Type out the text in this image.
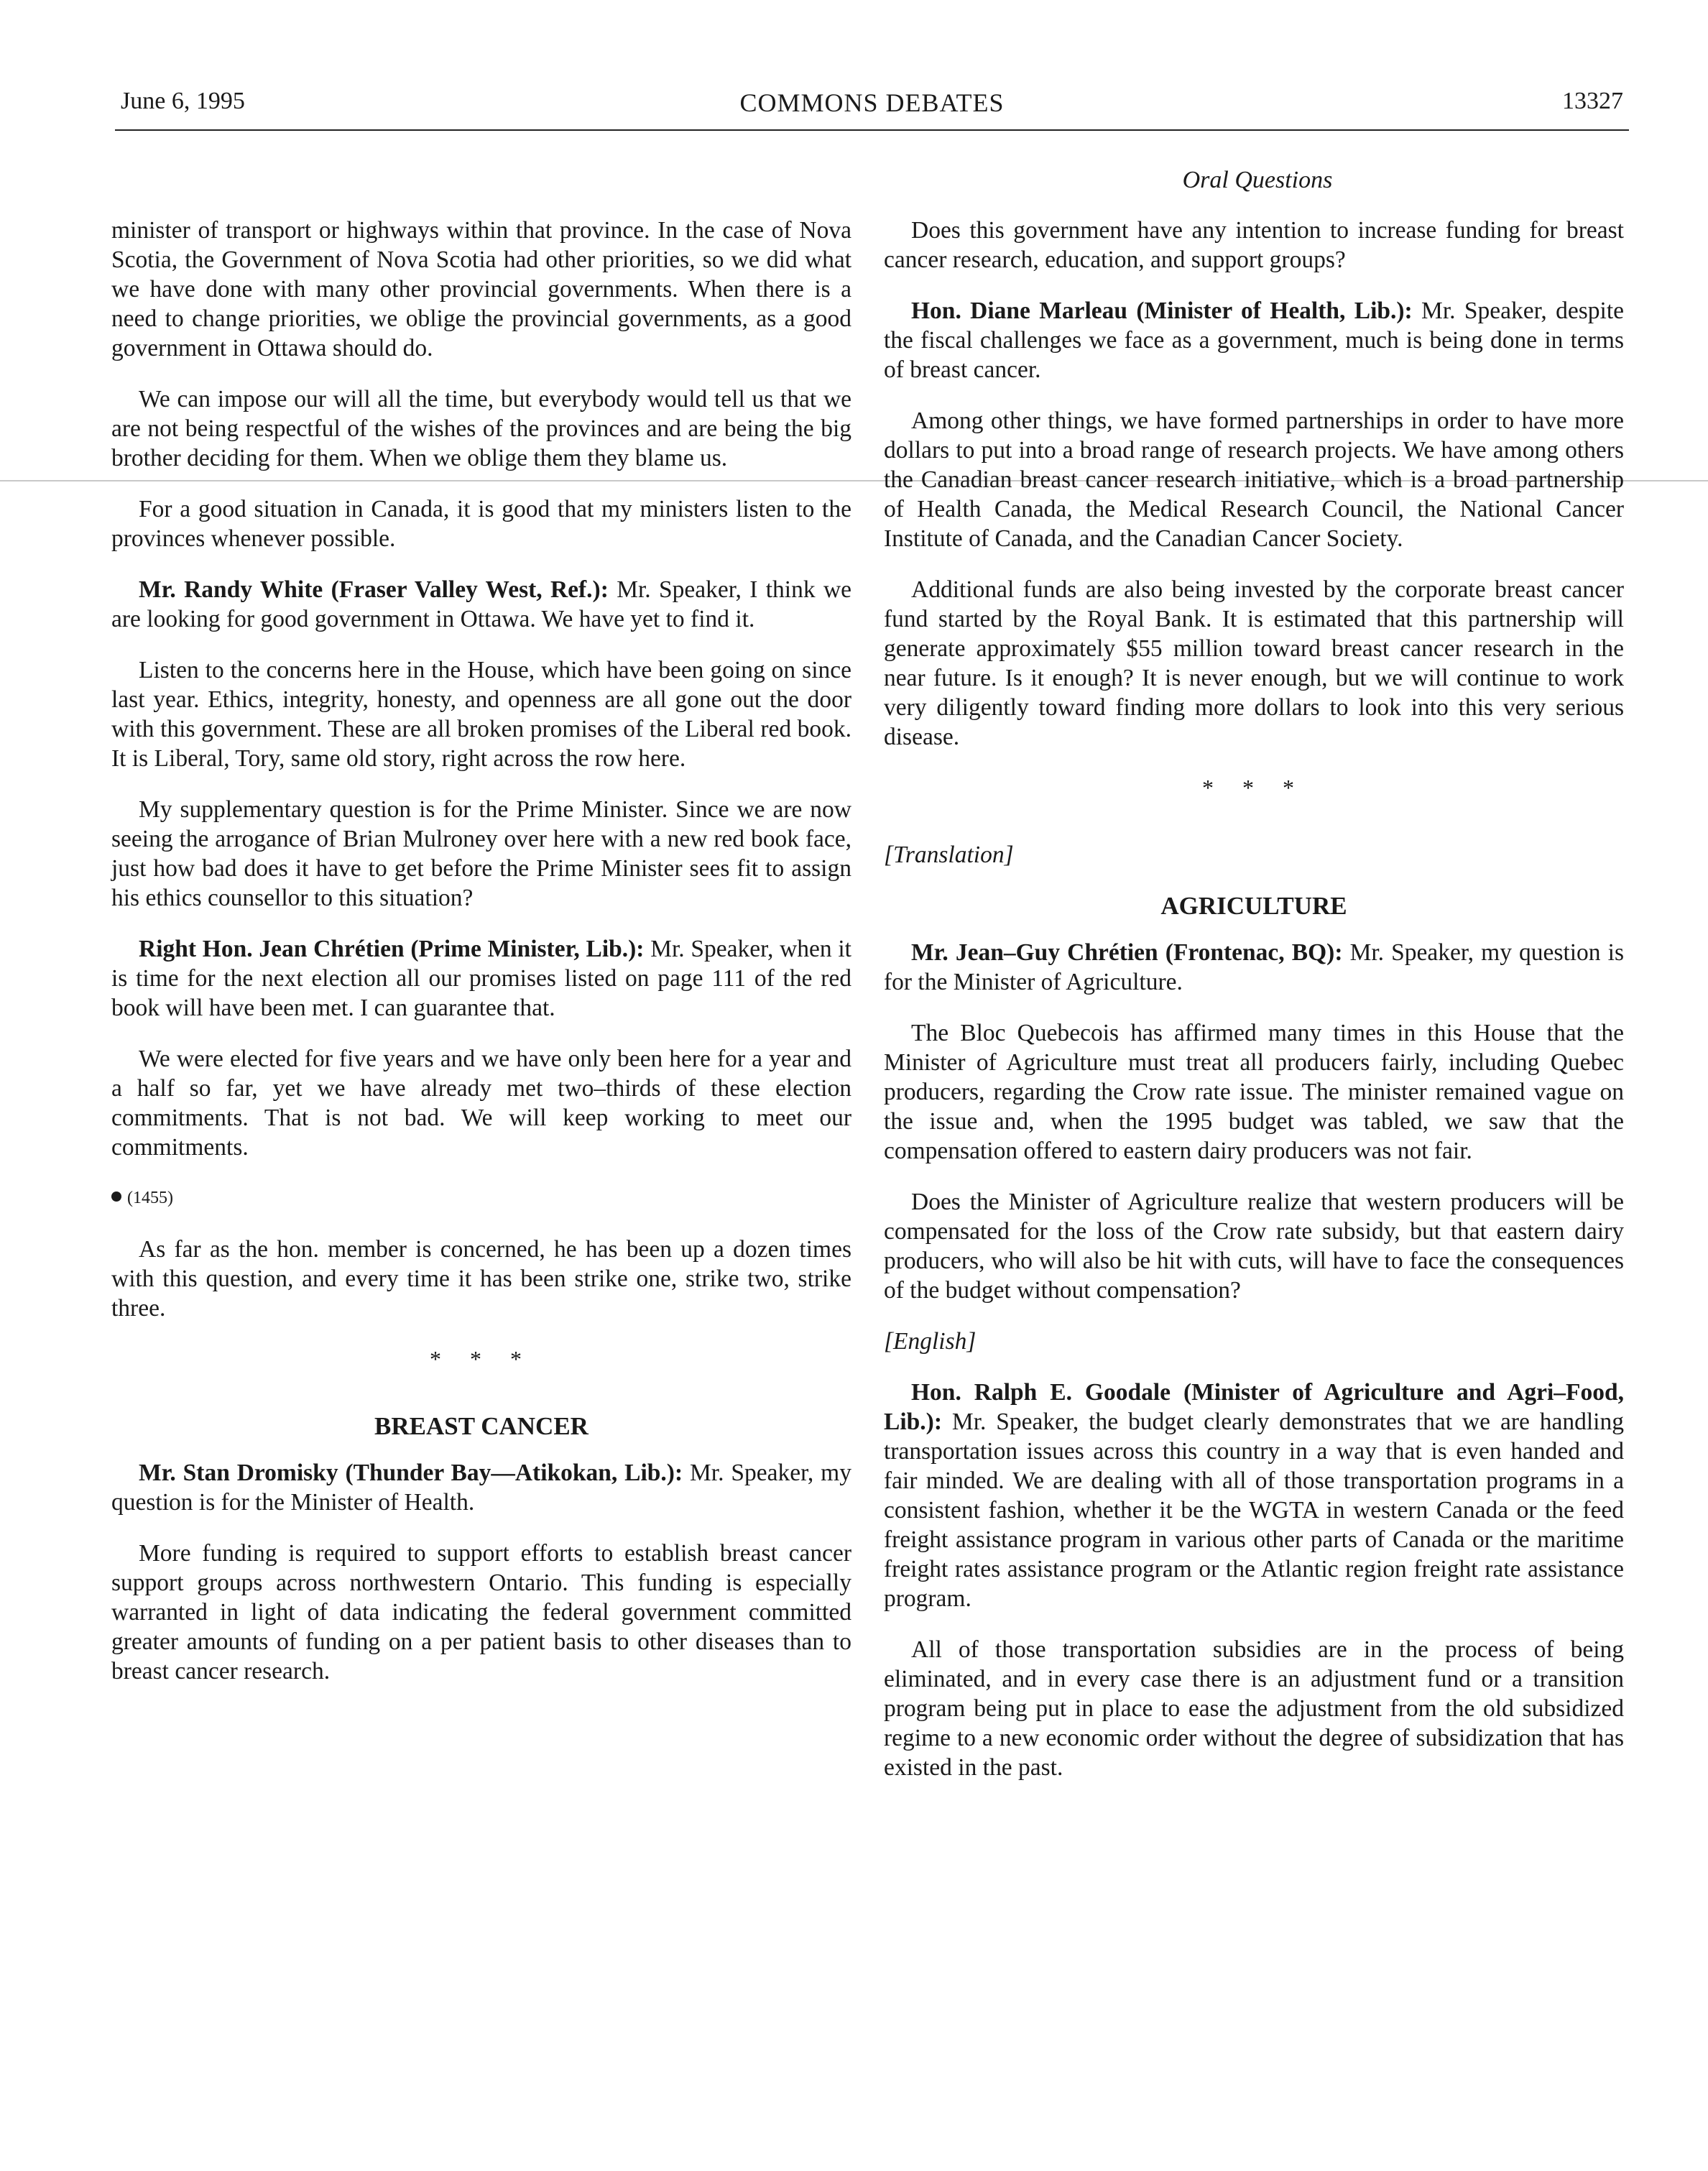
June 6, 1995	COMMONS DEBATES	13327
Oral Questions

minister of transport or highways within that province. In the case of Nova Scotia, the Government of Nova Scotia had other priorities, so we did what we have done with many other provincial governments. When there is a need to change priorities, we oblige the provincial governments, as a good government in Ottawa should do.

We can impose our will all the time, but everybody would tell us that we are not being respectful of the wishes of the provinces and are being the big brother deciding for them. When we oblige them they blame us.

For a good situation in Canada, it is good that my ministers listen to the provinces whenever possible.

Mr. Randy White (Fraser Valley West, Ref.): Mr. Speaker, I think we are looking for good government in Ottawa. We have yet to find it.

Listen to the concerns here in the House, which have been going on since last year. Ethics, integrity, honesty, and openness are all gone out the door with this government. These are all broken promises of the Liberal red book. It is Liberal, Tory, same old story, right across the row here.

My supplementary question is for the Prime Minister. Since we are now seeing the arrogance of Brian Mulroney over here with a new red book face, just how bad does it have to get before the Prime Minister sees fit to assign his ethics counsellor to this situation?

Right Hon. Jean Chrétien (Prime Minister, Lib.): Mr. Speaker, when it is time for the next election all our promises listed on page 111 of the red book will have been met. I can guarantee that.

We were elected for five years and we have only been here for a year and a half so far, yet we have already met two–thirds of these election commitments. That is not bad. We will keep working to meet our commitments.

(1455)

As far as the hon. member is concerned, he has been up a dozen times with this question, and every time it has been strike one, strike two, strike three.

* * *
BREAST CANCER

Mr. Stan Dromisky (Thunder Bay—Atikokan, Lib.): Mr. Speaker, my question is for the Minister of Health.

More funding is required to support efforts to establish breast cancer support groups across northwestern Ontario. This funding is especially warranted in light of data indicating the federal government committed greater amounts of funding on a per patient basis to other diseases than to breast cancer research.

Does this government have any intention to increase funding for breast cancer research, education, and support groups?

Hon. Diane Marleau (Minister of Health, Lib.): Mr. Speaker, despite the fiscal challenges we face as a government, much is being done in terms of breast cancer.

Among other things, we have formed partnerships in order to have more dollars to put into a broad range of research projects. We have among others the Canadian breast cancer research initiative, which is a broad partnership of Health Canada, the Medical Research Council, the National Cancer Institute of Canada, and the Canadian Cancer Society.

Additional funds are also being invested by the corporate breast cancer fund started by the Royal Bank. It is estimated that this partnership will generate approximately $55 million toward breast cancer research in the near future. Is it enough? It is never enough, but we will continue to work very diligently toward finding more dollars to look into this very serious disease.

* * *
[Translation]
AGRICULTURE

Mr. Jean–Guy Chrétien (Frontenac, BQ): Mr. Speaker, my question is for the Minister of Agriculture.

The Bloc Quebecois has affirmed many times in this House that the Minister of Agriculture must treat all producers fairly, including Quebec producers, regarding the Crow rate issue. The minister remained vague on the issue and, when the 1995 budget was tabled, we saw that the compensation offered to eastern dairy producers was not fair.

Does the Minister of Agriculture realize that western producers will be compensated for the loss of the Crow rate subsidy, but that eastern dairy producers, who will also be hit with cuts, will have to face the consequences of the budget without compensation?

[English]

Hon. Ralph E. Goodale (Minister of Agriculture and Agri–Food, Lib.): Mr. Speaker, the budget clearly demonstrates that we are handling transportation issues across this country in a way that is even handed and fair minded. We are dealing with all of those transportation programs in a consistent fashion, whether it be the WGTA in western Canada or the feed freight assistance program in various other parts of Canada or the maritime freight rates assistance program or the Atlantic region freight rate assistance program.

All of those transportation subsidies are in the process of being eliminated, and in every case there is an adjustment fund or a transition program being put in place to ease the adjustment from the old subsidized regime to a new economic order without the degree of subsidization that has existed in the past.
